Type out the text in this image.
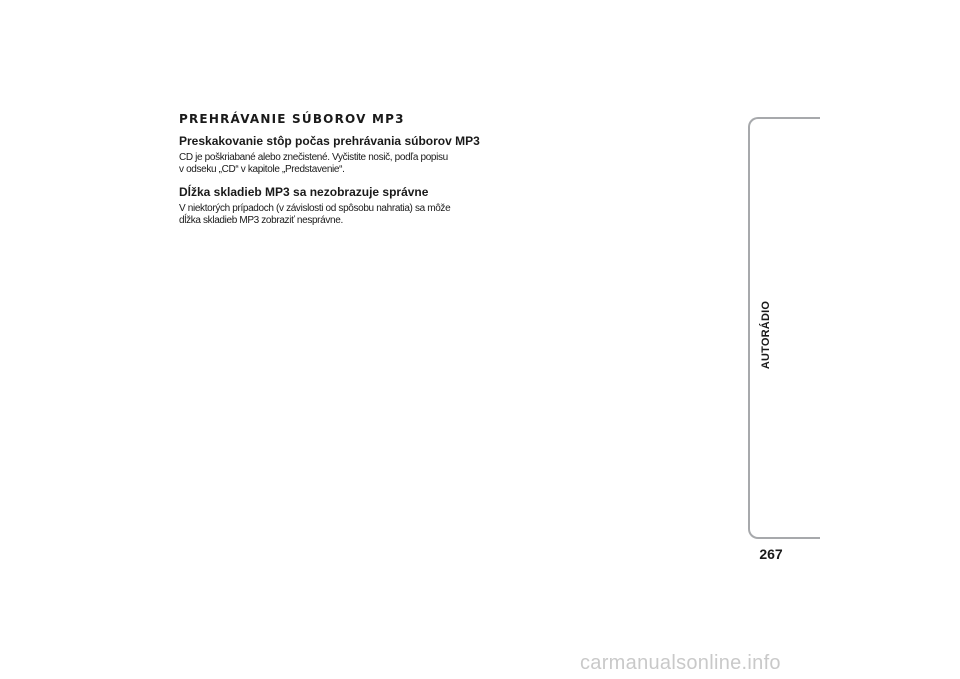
PREHRÁVANIE SÚBOROV MP3
Preskakovanie stôp počas prehrávania súborov MP3

CD je poškriabané alebo znečistené. Vyčistite nosič, podľa popisu
v odseku „CD“ v kapitole „Predstavenie“.

Dĺžka skladieb MP3 sa nezobrazuje správne

V niektorých prípadoch (v závislosti od spôsobu nahratia) sa môže
dĺžka skladieb MP3 zobraziť nesprávne.

AUTORÁDIO
267
carmanualsonline.info
